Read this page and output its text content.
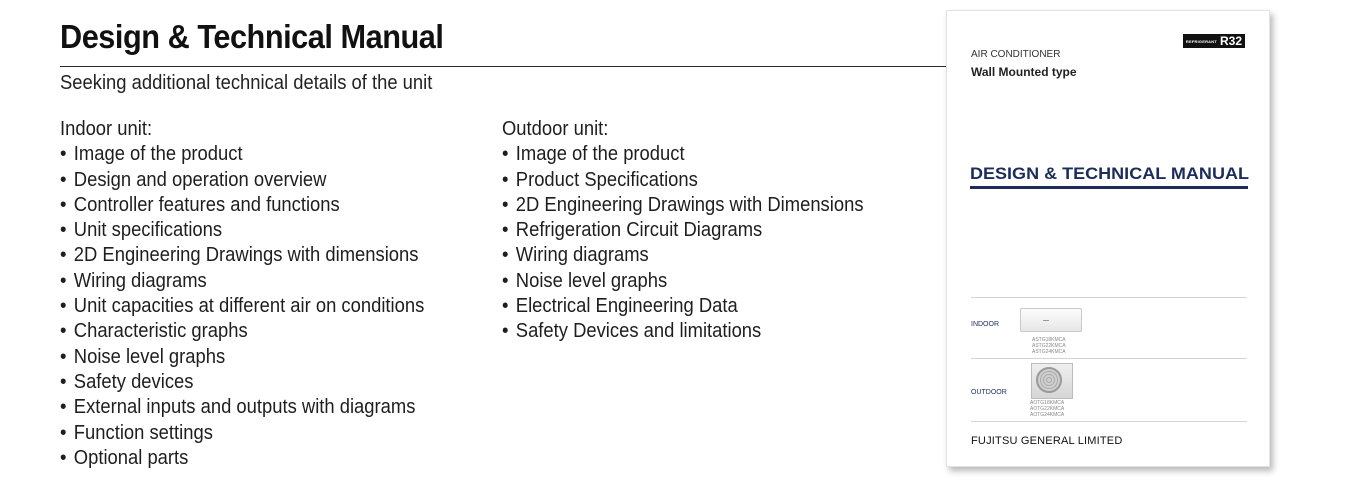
Design & Technical Manual
Seeking additional technical details of the unit
Indoor unit:
• Image of the product
• Design and operation overview
• Controller features and functions
• Unit specifications
• 2D Engineering Drawings with dimensions
• Wiring diagrams
• Unit capacities at different air on conditions
• Characteristic graphs
• Noise level graphs
• Safety devices
• External inputs and outputs with diagrams
• Function settings
• Optional parts
Outdoor unit:
• Image of the product
• Product Specifications
• 2D Engineering Drawings with Dimensions
• Refrigeration Circuit Diagrams
• Wiring diagrams
• Noise level graphs
• Electrical Engineering Data
• Safety Devices and limitations
REFRIGERANT R32
AIR CONDITIONER
Wall Mounted type
DESIGN & TECHNICAL MANUAL
INDOOR
ASTG18KMCA
ASTG22KMCA
ASTG24KMCA
OUTDOOR
AOTG18KMCA
AOTG22KMCA
AOTG24KMCA
FUJITSU GENERAL LIMITED
